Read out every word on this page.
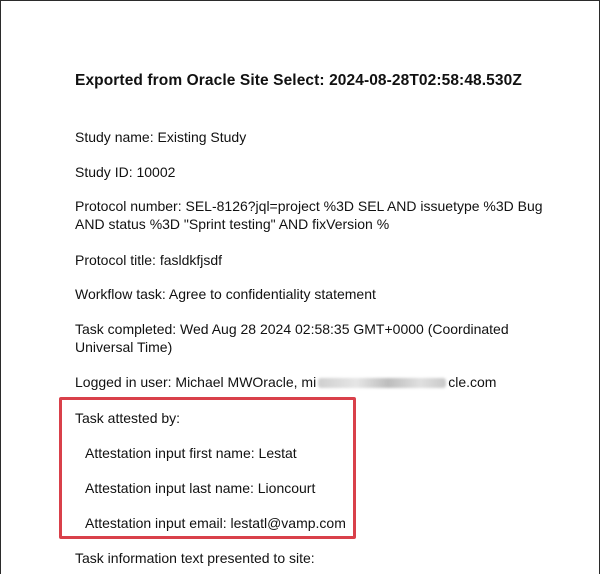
Exported from Oracle Site Select: 2024-08-28T02:58:48.530Z
Study name: Existing Study
Study ID: 10002
Protocol number: SEL-8126?jql=project %3D SEL AND issuetype %3D Bug AND status %3D "Sprint testing" AND fixVersion %
Protocol title: fasldkfjsdf
Workflow task: Agree to confidentiality statement
Task completed: Wed Aug 28 2024 02:58:35 GMT+0000 (Coordinated Universal Time)
Logged in user: Michael MWOracle, mi	cle.com
Task attested by:
Attestation input first name: Lestat
Attestation input last name: Lioncourt
Attestation input email: lestatl@vamp.com
Task information text presented to site:
